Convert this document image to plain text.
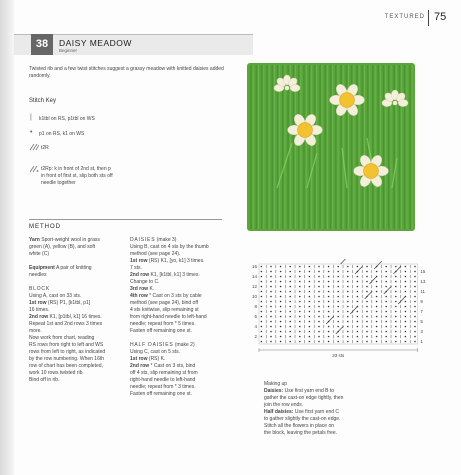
TEXTURED 75
38	DAISY MEADOW
Beginner
Twisted rib and a few twist stitches suggest a grassy meadow with knitted daisies added randomly.
Stitch Key
| k1tbl on RS, p1tbl on WS
• p1 on RS, k1 on WS
t2R
t2Rp: k in front of 2nd st, then p
in front of first st, slip both sts off
needle together
METHOD

Yarn Sport-weight wool in grass

green (A), yellow (B), and soft

white (C)

Equipment A pair of knitting

needles

BLOCK

Using A, cast on 33 sts.

1st row (RS) P1, [k1tbl, p1]

16 times.

2nd row K1, [p1tbl, k1] 16 times.

Repeat 1st and 2nd rows 3 times

more.

Now work from chart, reading

RS rows from right to left and WS

rows from left to right, as indicated

by the row numbering. When 16th

row of chart has been completed,

work 10 rows twisted rib.

Bind off in rib.

DAISIES (make 3)

Using B, cast on 4 sts by the thumb

method (see page 24).

1st row (RS) K1, [yo, k1] 3 times.

7 sts.

2nd row K1, [k1tbl, k1] 3 times.

Change to C.

3rd row K.

4th row * Cast on 3 sts by cable

method (see page 24), bind off

4 sts knitwise, slip remaining st

from right-hand needle to left-hand

needle; repeat from * 5 times.

Fasten off remaining one st.

HALF DAISIES (make 2)

Using C, cast on 5 sts.

1st row (RS) K.

2nd row * Cast on 3 sts, bind

off 4 sts, slip remaining st from

right-hand needle to left-hand

needle; repeat from * 3 times.

Fasten off remaining one st.

16
14
12
10
8
6
4
2
15
13
11
9
7
5
3
1
33 sts

Making up

Daisies: Use first yarn end B to

gather the cast-on edge tightly, then

join the row ends.

Half daisies: Use first yarn end C

to gather slightly the cast-on edge.

Stitch all the flowers in place on

the block, leaving the petals free.
